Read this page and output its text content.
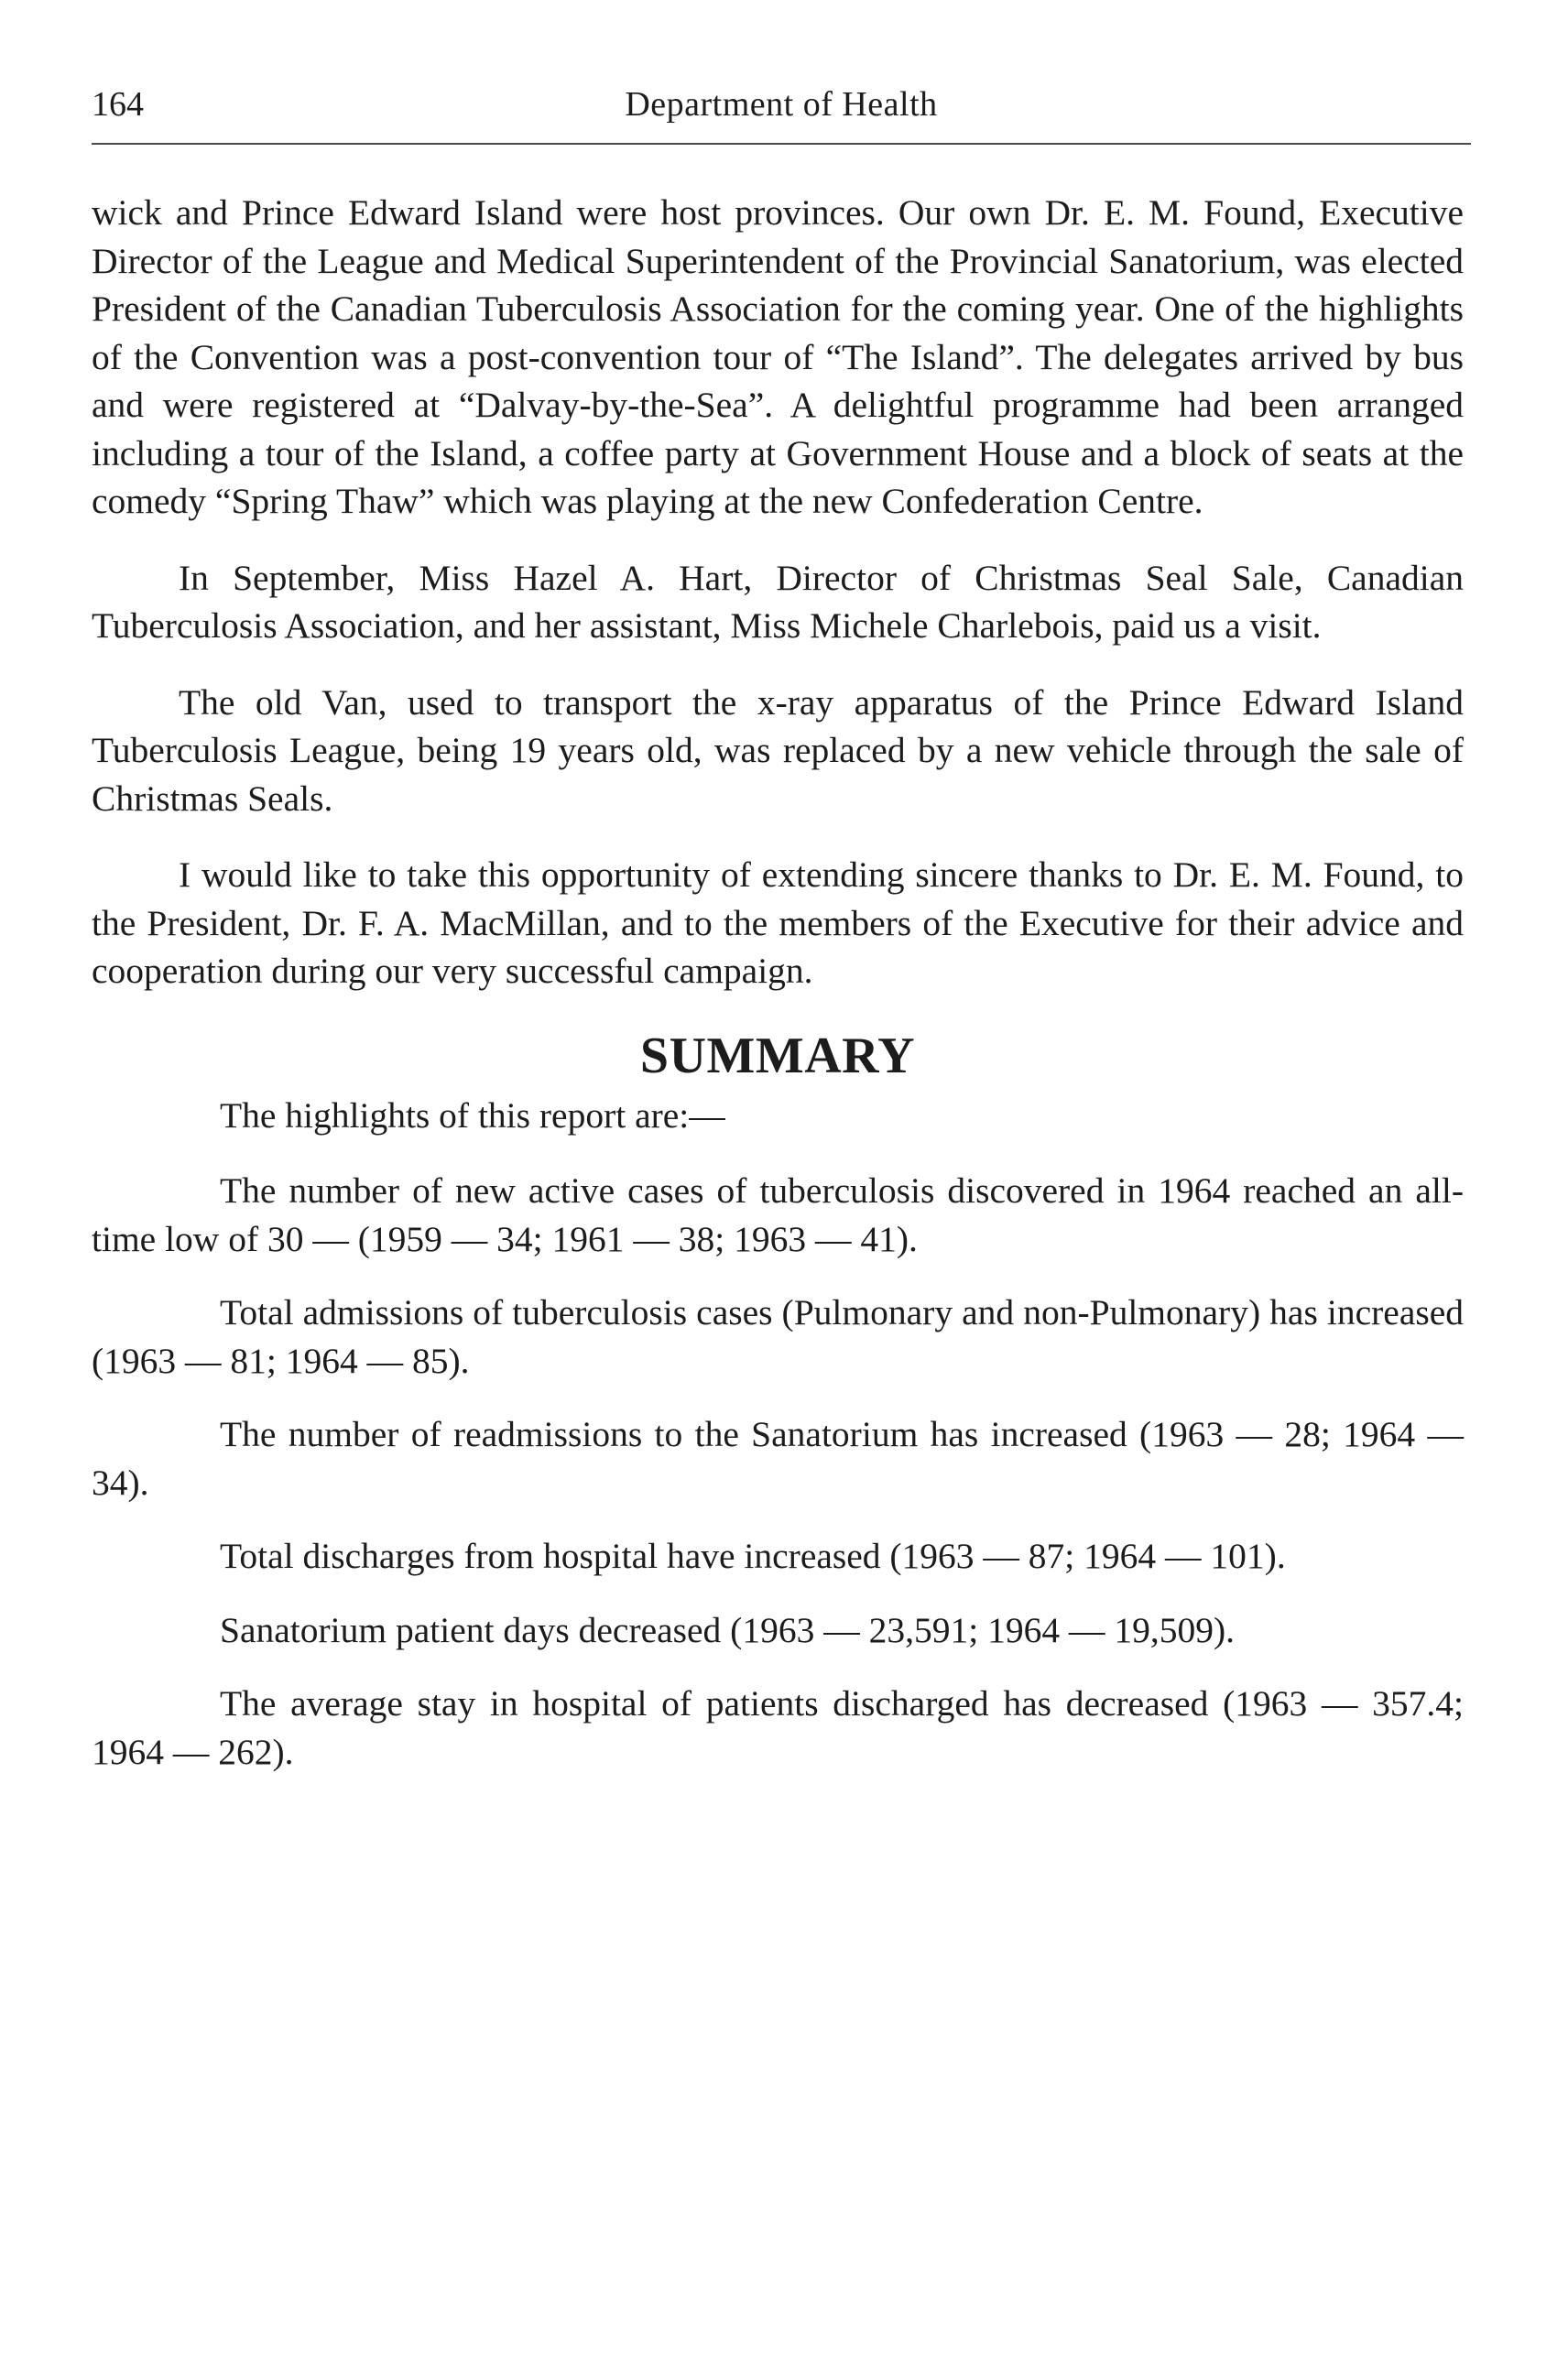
164	Department of Health

wick and Prince Edward Island were host provinces. Our own Dr. E. M. Found, Executive Director of the League and Medical Superintendent of the Provincial Sanatorium, was elected President of the Canadian Tuberculosis Association for the coming year. One of the highlights of the Convention was a post-convention tour of “The Island”. The delegates arrived by bus and were registered at “Dalvay-by-the-Sea”. A delightful programme had been arranged including a tour of the Island, a coffee party at Government House and a block of seats at the comedy “Spring Thaw” which was playing at the new Confederation Centre.

In September, Miss Hazel A. Hart, Director of Christmas Seal Sale, Canadian Tuberculosis Association, and her assistant, Miss Michele Charlebois, paid us a visit.

The old Van, used to transport the x-ray apparatus of the Prince Edward Island Tuberculosis League, being 19 years old, was replaced by a new vehicle through the sale of Christmas Seals.

I would like to take this opportunity of extending sincere thanks to Dr. E. M. Found, to the President, Dr. F. A. MacMillan, and to the members of the Executive for their advice and cooperation during our very successful campaign.

SUMMARY

The highlights of this report are:—

The number of new active cases of tuberculosis discovered in 1964 reached an all-time low of 30 — (1959 — 34; 1961 — 38; 1963 — 41).

Total admissions of tuberculosis cases (Pulmonary and non-Pulmonary) has increased (1963 — 81; 1964 — 85).

The number of readmissions to the Sanatorium has increased (1963 — 28; 1964 — 34).

Total discharges from hospital have increased (1963 — 87; 1964 — 101).

Sanatorium patient days decreased (1963 — 23,591; 1964 — 19,509).

The average stay in hospital of patients discharged has decreased (1963 — 357.4; 1964 — 262).
